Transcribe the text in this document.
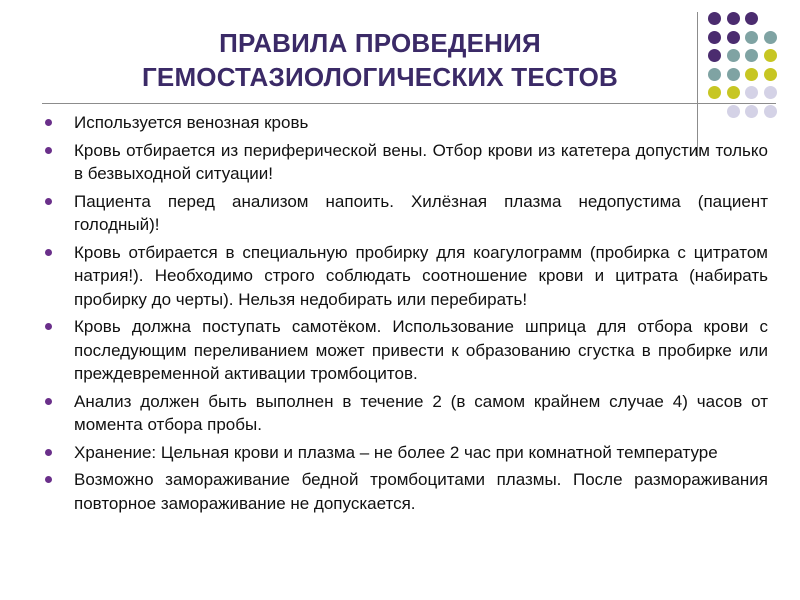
ПРАВИЛА ПРОВЕДЕНИЯ
ГЕМОСТАЗИОЛОГИЧЕСКИХ ТЕСТОВ
Используется венозная кровь
Кровь отбирается из периферической вены. Отбор крови из катетера допустим только в безвыходной ситуации!
Пациента перед анализом напоить. Хилёзная плазма недопустима (пациент голодный)!
Кровь отбирается в специальную пробирку для коагулограмм (пробирка с цитратом натрия!). Необходимо строго соблюдать соотношение крови и цитрата (набирать пробирку до черты). Нельзя недобирать или перебирать!
Кровь должна поступать самотёком. Использование шприца для отбора крови с последующим переливанием может привести к образованию сгустка в пробирке или преждевременной активации тромбоцитов.
Анализ должен быть выполнен в течение 2 (в самом крайнем случае 4) часов от момента отбора пробы.
Хранение: Цельная крови и плазма – не более 2 час при комнатной температуре
Возможно замораживание бедной тромбоцитами плазмы. После размораживания повторное замораживание не допускается.
